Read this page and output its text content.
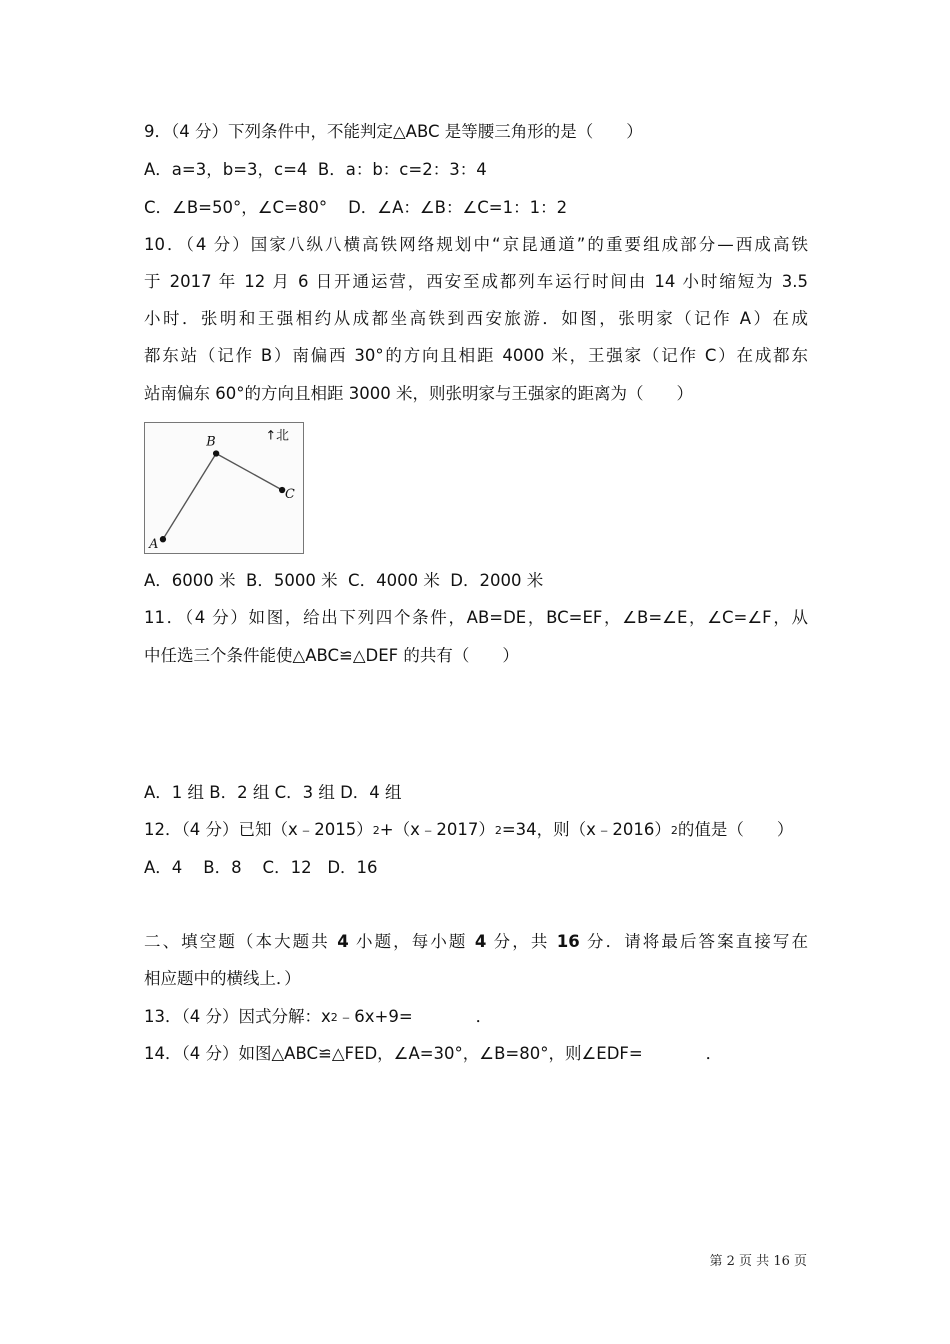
9．（4 分）下列条件中，不能判定△ABC 是等腰三角形的是（　　）
A．a=3，b=3，c=4  B．a：b：c=2：3：4
C．∠B=50°，∠C=80°    D．∠A：∠B：∠C=1：1：2
10．（4 分）国家八纵八横高铁网络规划中“京昆通道”的重要组成部分—西成高铁
于 2017 年 12 月 6 日开通运营，西安至成都列车运行时间由 14 小时缩短为 3.5
小时．张明和王强相约从成都坐高铁到西安旅游．如图，张明家（记作 A）在成
都东站（记作 B）南偏西 30°的方向且相距 4000 米，王强家（记作 C）在成都东
站南偏东 60°的方向且相距 3000 米，则张明家与王强家的距离为（　　）
A
B
C
↑北
A．6000 米  B．5000 米  C．4000 米  D．2000 米
11．（4 分）如图，给出下列四个条件，AB=DE，BC=EF，∠B=∠E，∠C=∠F，从
中任选三个条件能使△ABC≌△DEF 的共有（　　）
A．1 组 B．2 组 C．3 组 D．4 组
12．（4 分）已知（x﹣2015）2+（x﹣2017）2=34，则（x﹣2016）2的值是（　　）
A．4    B．8    C．12   D．16
二、填空题（本大题共 4 小题，每小题 4 分，共 16 分．请将最后答案直接写在
相应题中的横线上．）
13．（4 分）因式分解：x2﹣6x+9=            ．
14．（4 分）如图△ABC≌△FED，∠A=30°，∠B=80°，则∠EDF=            ．
第 2 页 共 16 页
